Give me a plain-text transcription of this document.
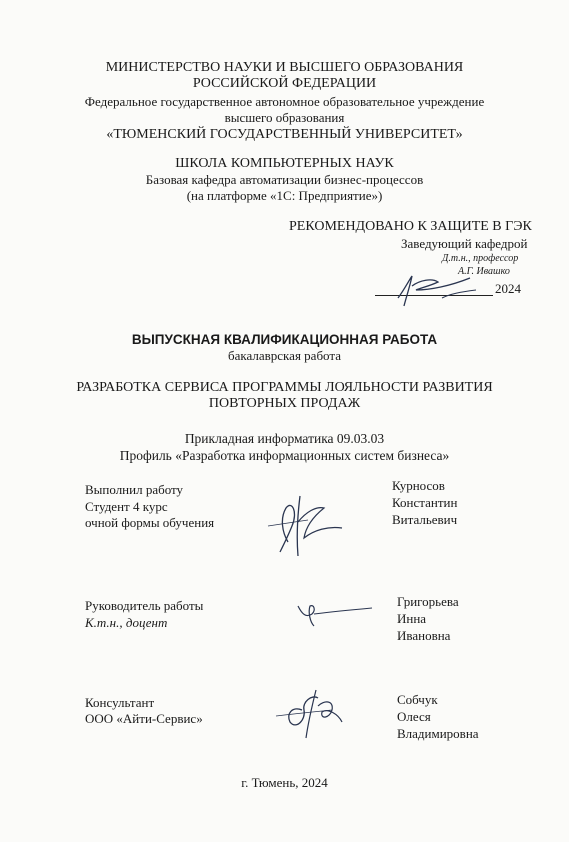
МИНИСТЕРСТВО НАУКИ И ВЫСШЕГО ОБРАЗОВАНИЯ
РОССИЙСКОЙ ФЕДЕРАЦИИ
Федеральное государственное автономное образовательное учреждение
высшего образования
«ТЮМЕНСКИЙ ГОСУДАРСТВЕННЫЙ УНИВЕРСИТЕТ»
ШКОЛА КОМПЬЮТЕРНЫХ НАУК
Базовая кафедра автоматизации бизнес-процессов
(на платформе «1С: Предприятие»)
РЕКОМЕНДОВАНО К ЗАЩИТЕ В ГЭК
Заведующий кафедрой
Д.т.н., профессор
А.Г. Ивашко
2024
ВЫПУСКНАЯ КВАЛИФИКАЦИОННАЯ РАБОТА
бакалаврская работа
РАЗРАБОТКА СЕРВИСА ПРОГРАММЫ ЛОЯЛЬНОСТИ РАЗВИТИЯ
ПОВТОРНЫХ ПРОДАЖ
Прикладная информатика 09.03.03
Профиль «Разработка информационных систем бизнеса»
Выполнил работу
Студент 4 курс
очной формы обучения
Курносов
Константин
Витальевич
Руководитель работы
К.т.н., доцент
Григорьева
Инна
Ивановна
Консультант
ООО «Айти-Сервис»
Собчук
Олеся
Владимировна
г. Тюмень, 2024
